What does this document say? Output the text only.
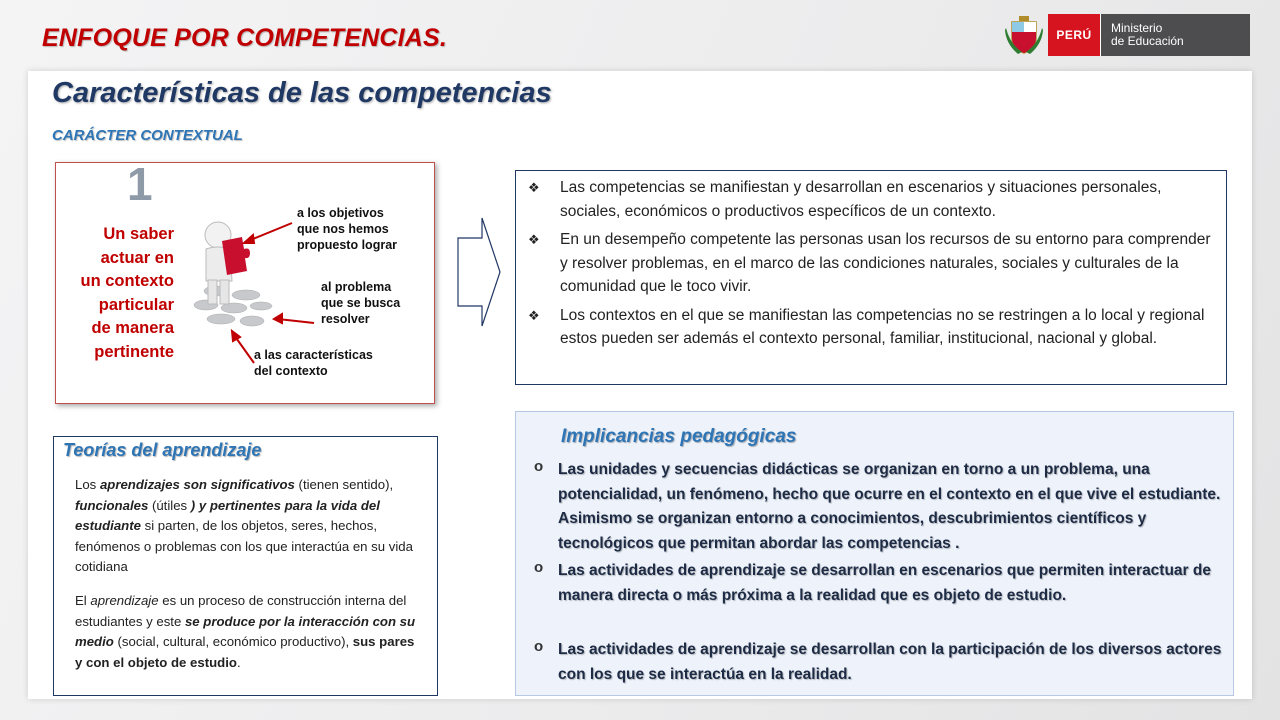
ENFOQUE POR COMPETENCIAS.	PERÚ	Ministerio
de Educación
Características de las competencias
CARÁCTER CONTEXTUAL
1
Un saber
actuar en
un contexto
particular
de manera
pertinente
a los objetivos
que nos hemos
propuesto lograr
al problema
que se busca
resolver
a las características
del contexto
❖	Las competencias se manifiestan y desarrollan en escenarios y situaciones personales, sociales, económicos o productivos específicos de un contexto.
❖	En un desempeño competente las personas usan los recursos de su entorno para comprender y resolver problemas, en el marco de las condiciones naturales, sociales y culturales de la comunidad que le toco vivir.
❖	Los contextos en el que se manifiestan las competencias no se restringen a lo local y regional estos pueden ser además el contexto personal, familiar, institucional, nacional y global.
Teorías del aprendizaje
Los aprendizajes son significativos (tienen sentido), funcionales (útiles ) y pertinentes para la vida del estudiante si parten, de los objetos, seres, hechos, fenómenos o problemas con los que interactúa en su vida cotidiana
El aprendizaje es un proceso de construcción interna del estudiantes y este se produce por la interacción con su medio (social, cultural, económico productivo), sus pares y con el objeto de estudio.
Implicancias pedagógicas
o Las unidades y secuencias didácticas se organizan en torno a un problema, una potencialidad, un fenómeno, hecho que ocurre en el contexto en el que vive el estudiante. Asimismo se organizan entorno a conocimientos, descubrimientos científicos y tecnológicos que permitan abordar las competencias .
o Las actividades de aprendizaje se desarrollan en escenarios que permiten interactuar de manera directa o más próxima a la realidad que es objeto de estudio.
o Las actividades de aprendizaje se desarrollan con la participación de los diversos actores con los que se interactúa en la realidad.
